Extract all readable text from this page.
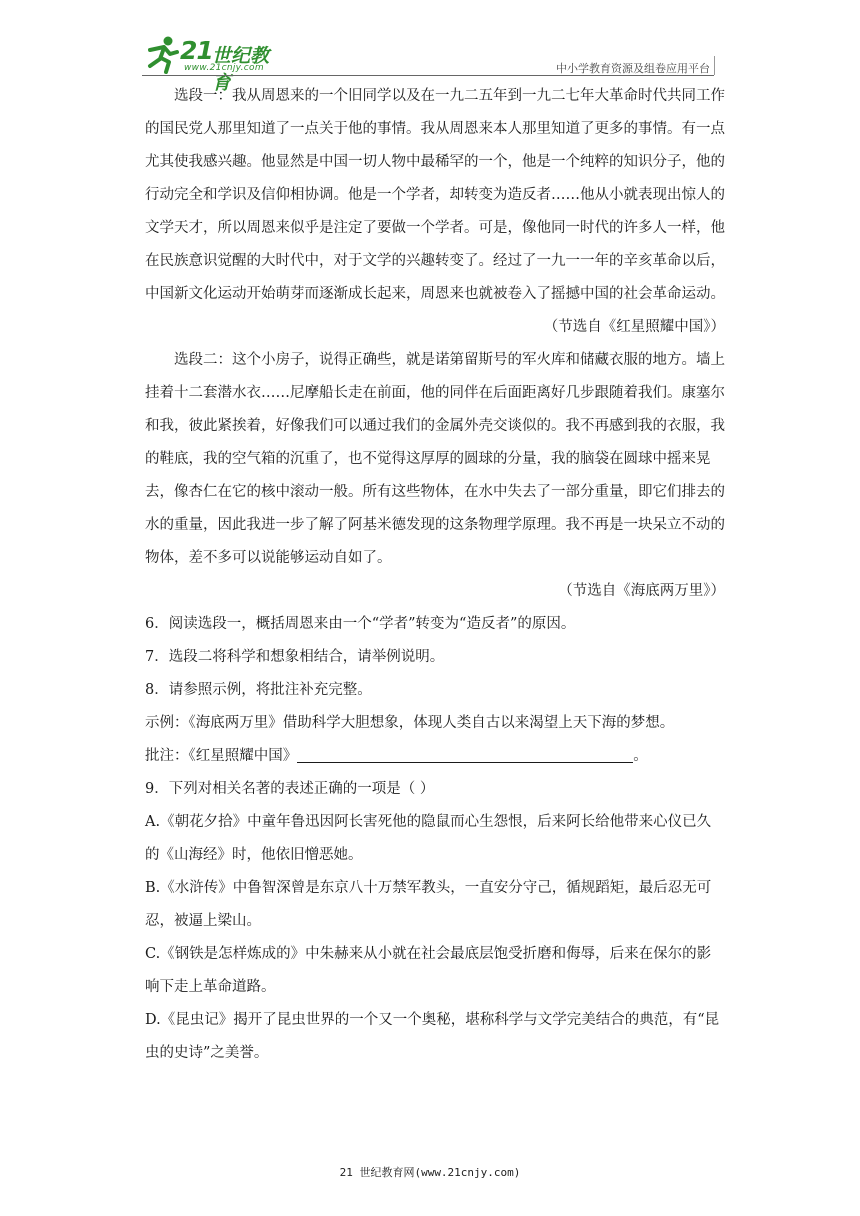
21 世纪教育
www.21cnjy.com	中小学教育资源及组卷应用平台

选段一：我从周恩来的一个旧同学以及在一九二五年到一九二七年大革命时代共同工作的国民党人那里知道了一点关于他的事情。我从周恩来本人那里知道了更多的事情。有一点尤其使我感兴趣。他显然是中国一切人物中最稀罕的一个，他是一个纯粹的知识分子，他的行动完全和学识及信仰相协调。他是一个学者，却转变为造反者……他从小就表现出惊人的文学天才，所以周恩来似乎是注定了要做一个学者。可是，像他同一时代的许多人一样，他在民族意识觉醒的大时代中，对于文学的兴趣转变了。经过了一九一一年的辛亥革命以后，中国新文化运动开始萌芽而逐渐成长起来，周恩来也就被卷入了摇撼中国的社会革命运动。

（节选自《红星照耀中国》）

选段二：这个小房子，说得正确些，就是诺第留斯号的军火库和储藏衣服的地方。墙上挂着十二套潜水衣……尼摩船长走在前面，他的同伴在后面距离好几步跟随着我们。康塞尔和我，彼此紧挨着，好像我们可以通过我们的金属外壳交谈似的。我不再感到我的衣服，我的鞋底，我的空气箱的沉重了，也不觉得这厚厚的圆球的分量，我的脑袋在圆球中摇来晃去，像杏仁在它的核中滚动一般。所有这些物体，在水中失去了一部分重量，即它们排去的水的重量，因此我进一步了解了阿基米德发现的这条物理学原理。我不再是一块呆立不动的物体，差不多可以说能够运动自如了。

（节选自《海底两万里》）

6．阅读选段一，概括周恩来由一个“学者”转变为“造反者”的原因。

7．选段二将科学和想象相结合，请举例说明。

8．请参照示例，将批注补充完整。

示例：《海底两万里》借助科学大胆想象，体现人类自古以来渴望上天下海的梦想。

批注：《红星照耀中国》	。

9．下列对相关名著的表述正确的一项是（ ）

A.《朝花夕拾》中童年鲁迅因阿长害死他的隐鼠而心生怨恨，后来阿长给他带来心仪已久的《山海经》时，他依旧憎恶她。

B.《水浒传》中鲁智深曾是东京八十万禁军教头，一直安分守己，循规蹈矩，最后忍无可忍，被逼上梁山。

C.《钢铁是怎样炼成的》中朱赫来从小就在社会最底层饱受折磨和侮辱，后来在保尔的影响下走上革命道路。

D.《昆虫记》揭开了昆虫世界的一个又一个奥秘，堪称科学与文学完美结合的典范，有“昆虫的史诗”之美誉。

21 世纪教育网(www.21cnjy.com)
